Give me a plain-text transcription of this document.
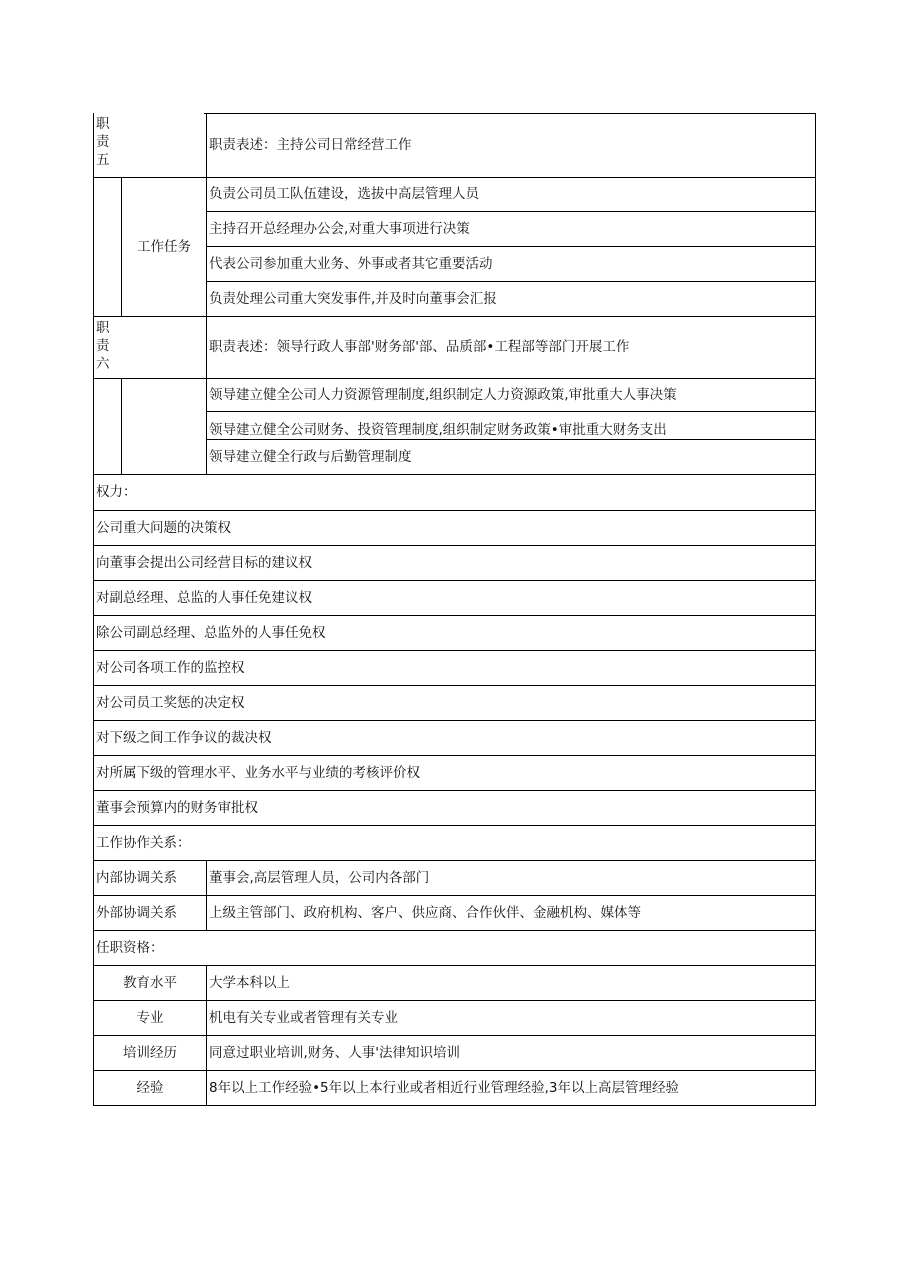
职
责
五		职责表述：主持公司日常经营工作
	工作任务	负责公司员工队伍建设，选拔中高层管理人员
		主持召开总经理办公会,对重大事项进行决策
		代表公司参加重大业务、外事或者其它重要活动
		负责处理公司重大突发事件,并及时向董事会汇报

职
责
六		职责表述：领导行政人事部'财务部'部、品质部•工程部等部门开展工作
		领导建立健全公司人力资源管理制度,组织制定人力资源政策,审批重大人事决策
		领导建立健全公司财务、投资管理制度,组织制定财务政策•审批重大财务支出
		领导建立健全行政与后勤管理制度
权力：		
公司重大问题的决策权		
向董事会提出公司经营目标的建议权		
对副总经理、总监的人事任免建议权		
除公司副总经理、总监外的人事任免权		
对公司各项工作的监控权		
对公司员工奖惩的决定权		
对下级之间工作争议的裁决权		
对所属下级的管理水平、业务水平与业绩的考核评价权		
董事会预算内的财务审批权		
工作协作关系：		
内部协调关系		董事会,高层管理人员，公司内各部门
外部协调关系		上级主管部门、政府机构、客户、供应商、合作伙伴、金融机构、媒体等
任职资格：		
教育水平		大学本科以上
专业		机电有关专业或者管理有关专业
培训经历		同意过职业培训,财务、人事'法律知识培训
经验		8年以上工作经验•5年以上本行业或者相近行业管理经验,3年以上高层管理经验
